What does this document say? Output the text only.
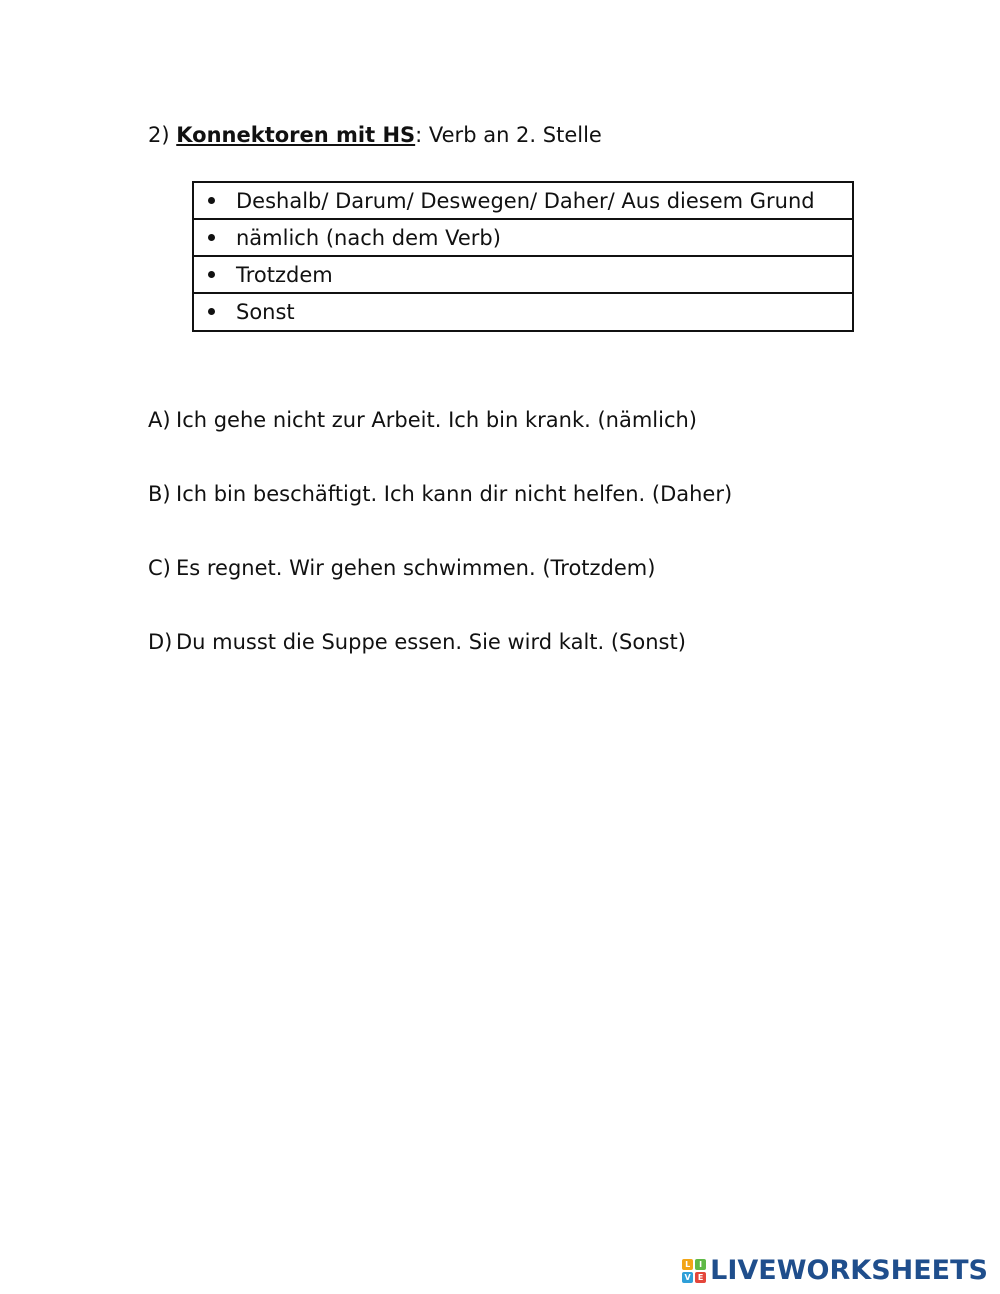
2) Konnektoren mit HS: Verb an 2. Stelle
Deshalb/ Darum/ Deswegen/ Daher/ Aus diesem Grund
nämlich (nach dem Verb)
Trotzdem
Sonst
A) Ich gehe nicht zur Arbeit. Ich bin krank. (nämlich)
B) Ich bin beschäftigt. Ich kann dir nicht helfen. (Daher)
C) Es regnet. Wir gehen schwimmen. (Trotzdem)
D) Du musst die Suppe essen. Sie wird kalt. (Sonst)
L	I
V E LIVEWORKSHEETS
